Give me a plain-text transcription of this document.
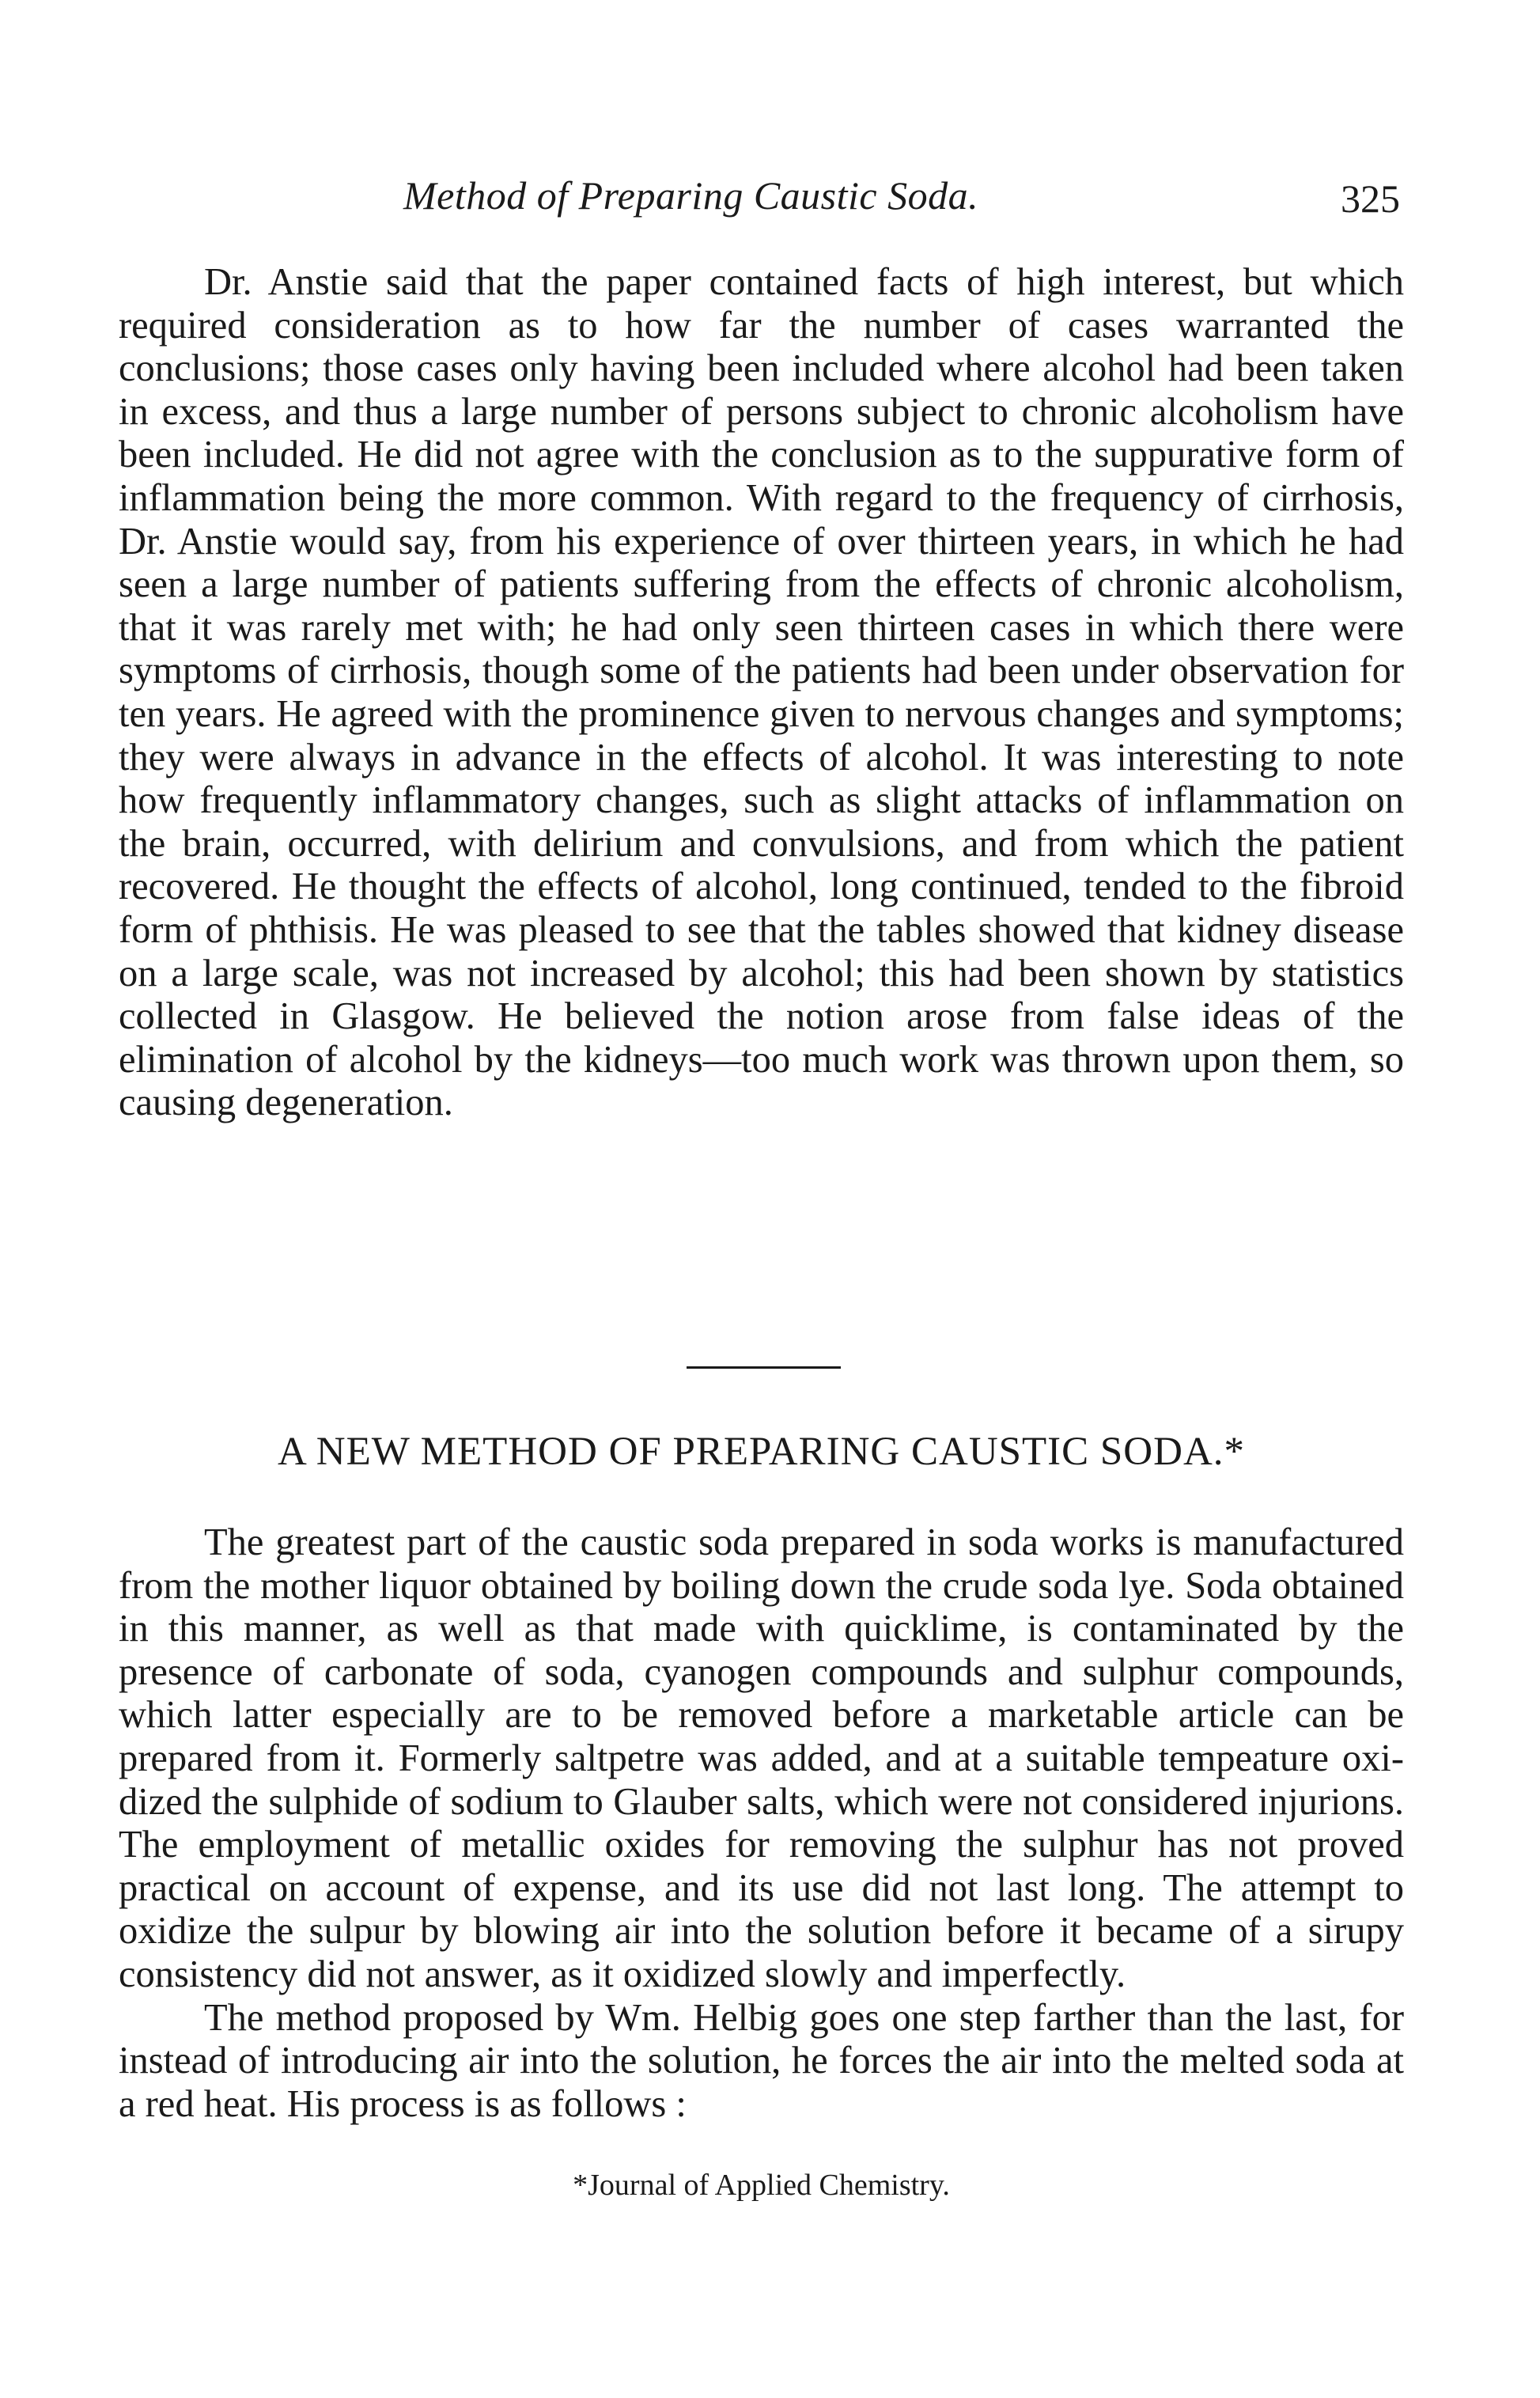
Method of Preparing Caustic Soda.	325

Dr. Anstie said that the paper contained facts of high interest, but which required consideration as to how far the number of cases warranted the conclusions; those cases only having been included where alcohol had been taken in excess, and thus a large number of persons subject to chronic alcoholism have been included. He did not agree with the conclusion as to the suppurative form of inflammation being the more common. With regard to the frequency of cirrhosis, Dr. Anstie would say, from his experience of over thirteen years, in which he had seen a large number of patients suffering from the effects of chronic alcoholism, that it was rarely met with; he had only seen thirteen cases in which there were symptoms of cirrhosis, though some of the patients had been under observation for ten years. He agreed with the prominence given to nervous changes and symptoms; they were always in advance in the effects of alcohol. It was interesting to note how frequently inflammatory changes, such as slight attacks of inflammation on the brain, occurred, with delirium and convulsions, and from which the patient recovered. He thought the effects of alcohol, long continued, tended to the fibroid form of phthisis. He was pleased to see that the tables showed that kidney disease on a large scale, was not increased by alcohol; this had been shown by statistics collected in Glasgow. He believed the notion arose from false ideas of the elimination of alcohol by the kidneys—too much work was thrown upon them, so causing degeneration.

A NEW METHOD OF PREPARING CAUSTIC SODA.*

The greatest part of the caustic soda prepared in soda works is manufactured from the mother liquor obtained by boiling down the crude soda lye. Soda obtained in this manner, as well as that made with quicklime, is contaminated by the presence of carbonate of soda, cyanogen compounds and sulphur compounds, which latter especially are to be removed before a marketable article can be prepared from it. Formerly saltpetre was added, and at a suitable tempeature oxidized the sulphide of sodium to Glauber salts, which were not considered injurions. The employment of metallic oxides for removing the sulphur has not proved practical on account of expense, and its use did not last long. The attempt to oxidize the sulpur by blowing air into the solution before it became of a sirupy consistency did not answer, as it oxidized slowly and imperfectly.

The method proposed by Wm. Helbig goes one step farther than the last, for instead of introducing air into the solution, he forces the air into the melted soda at a red heat. His process is as follows :

*Journal of Applied Chemistry.
